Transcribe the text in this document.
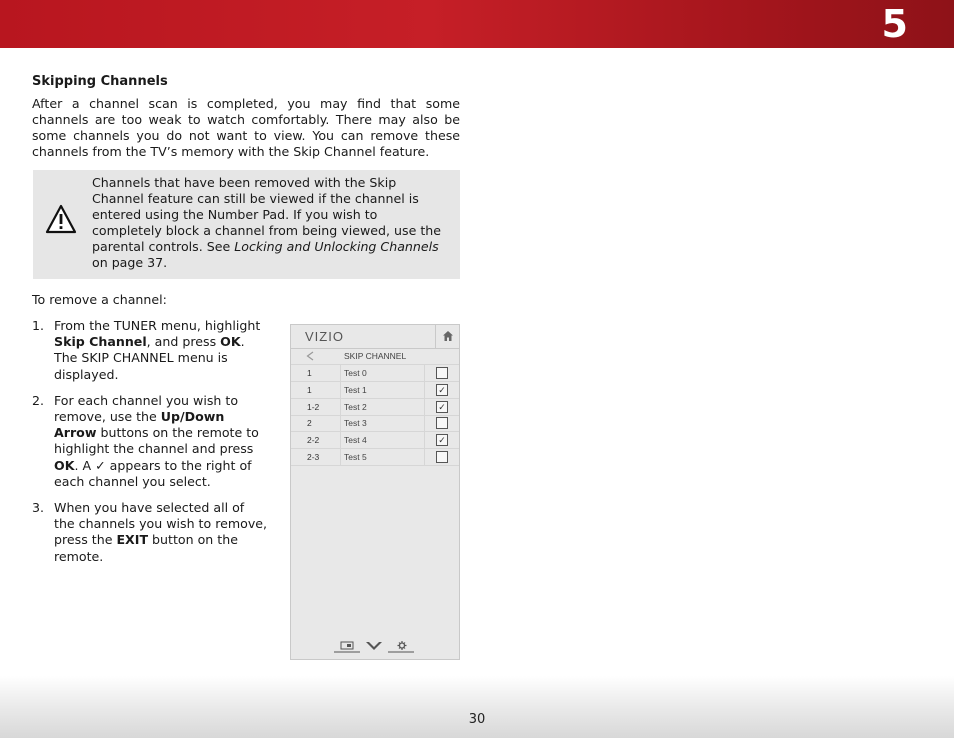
5
Skipping Channels

After a channel scan is completed, you may find that some channels are too weak to watch comfortably. There may also be some channels you do not want to view. You can remove these channels from the TV’s memory with the Skip Channel feature.

Channels that have been removed with the Skip Channel feature can still be viewed if the channel is entered using the Number Pad. If you wish to completely block a channel from being viewed, use the parental controls. See Locking and Unlocking Channels on page 37.

To remove a channel:

1. From the TUNER menu, highlight Skip Channel, and press OK. The SKIP CHANNEL menu is displayed.

2. For each channel you wish to remove, use the Up/Down Arrow buttons on the remote to highlight the channel and press OK. A ✓ appears to the right of each channel you select.

3. When you have selected all of the channels you wish to remove, press the EXIT button on the remote.

VIZIO
SKIP CHANNEL
1	Test 0
1	Test 1	✓
1-2	Test 2	✓
2	Test 3
2-2	Test 4	✓
2-3	Test 5
30
